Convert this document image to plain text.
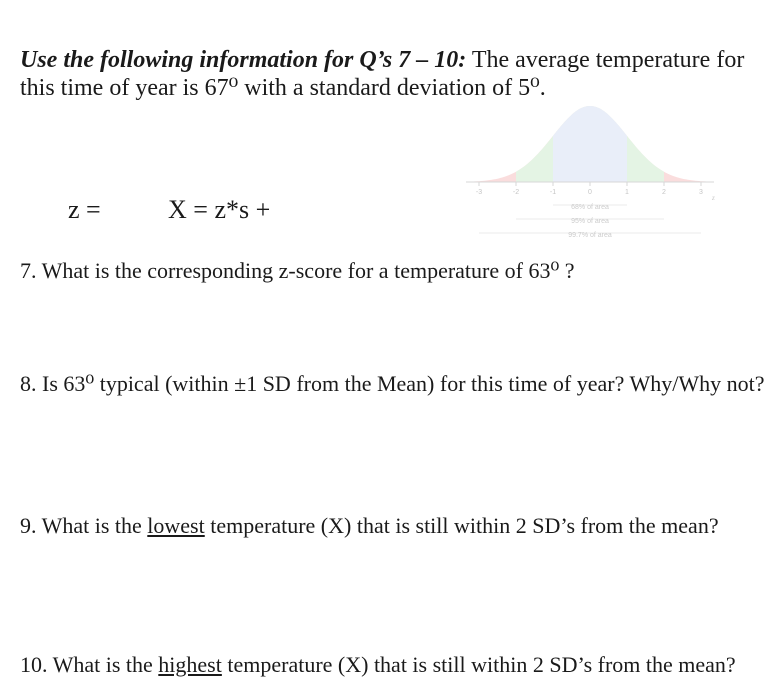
Use the following information for Q’s 7 – 10: The average temperature for this time of year is 67⁰ with a standard deviation of 5⁰.
z =	X = z*s +
-3	-2	-1	0	1	2	3
z
68% of area
95% of area
99.7% of area
7. What is the corresponding z-score for a temperature of 63⁰ ?
8. Is 63⁰ typical (within ±1 SD from the Mean) for this time of year? Why/Why not?
9. What is the lowest temperature (X) that is still within 2 SD’s from the mean?
10. What is the highest temperature (X) that is still within 2 SD’s from the mean?
